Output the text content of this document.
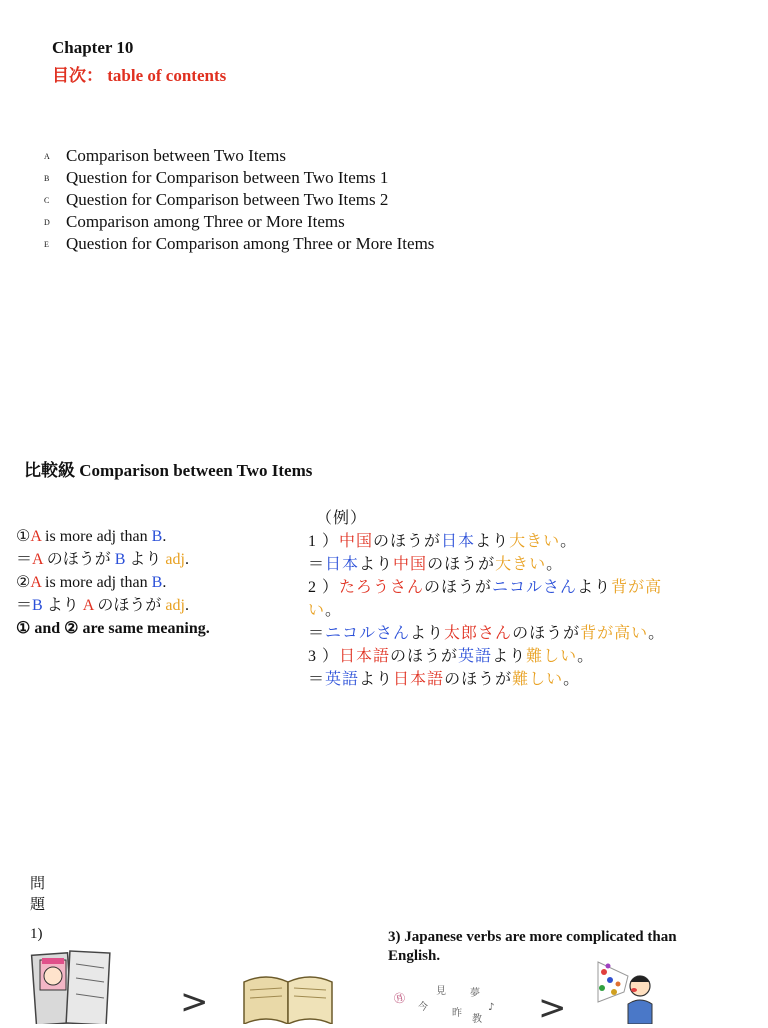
Chapter 10
目次： table of contents
A Comparison between Two Items
B Question for Comparison between Two Items 1
C Question for Comparison between Two Items 2
D Comparison among Three or More Items
E Question for Comparison among Three or More Items
比較級 Comparison between Two Items
①A is more adj than B.
＝A のほうが B より adj.
②A is more adj than B.
＝B より A のほうが adj.
① and ② are same meaning.
（例）
1 ）中国のほうが日本より大きい。
＝日本より中国のほうが大きい。
2 ）たろうさんのほうがニコルさんより背が高
い。
＝ニコルさんより太郎さんのほうが背が高い。
3 ）日本語のほうが英語より難しい。
＝英語より日本語のほうが難しい。
問題
1)
>
3) Japanese verbs are more complicated than English.
㊊
今
見
昨
夢
♪
教 >
